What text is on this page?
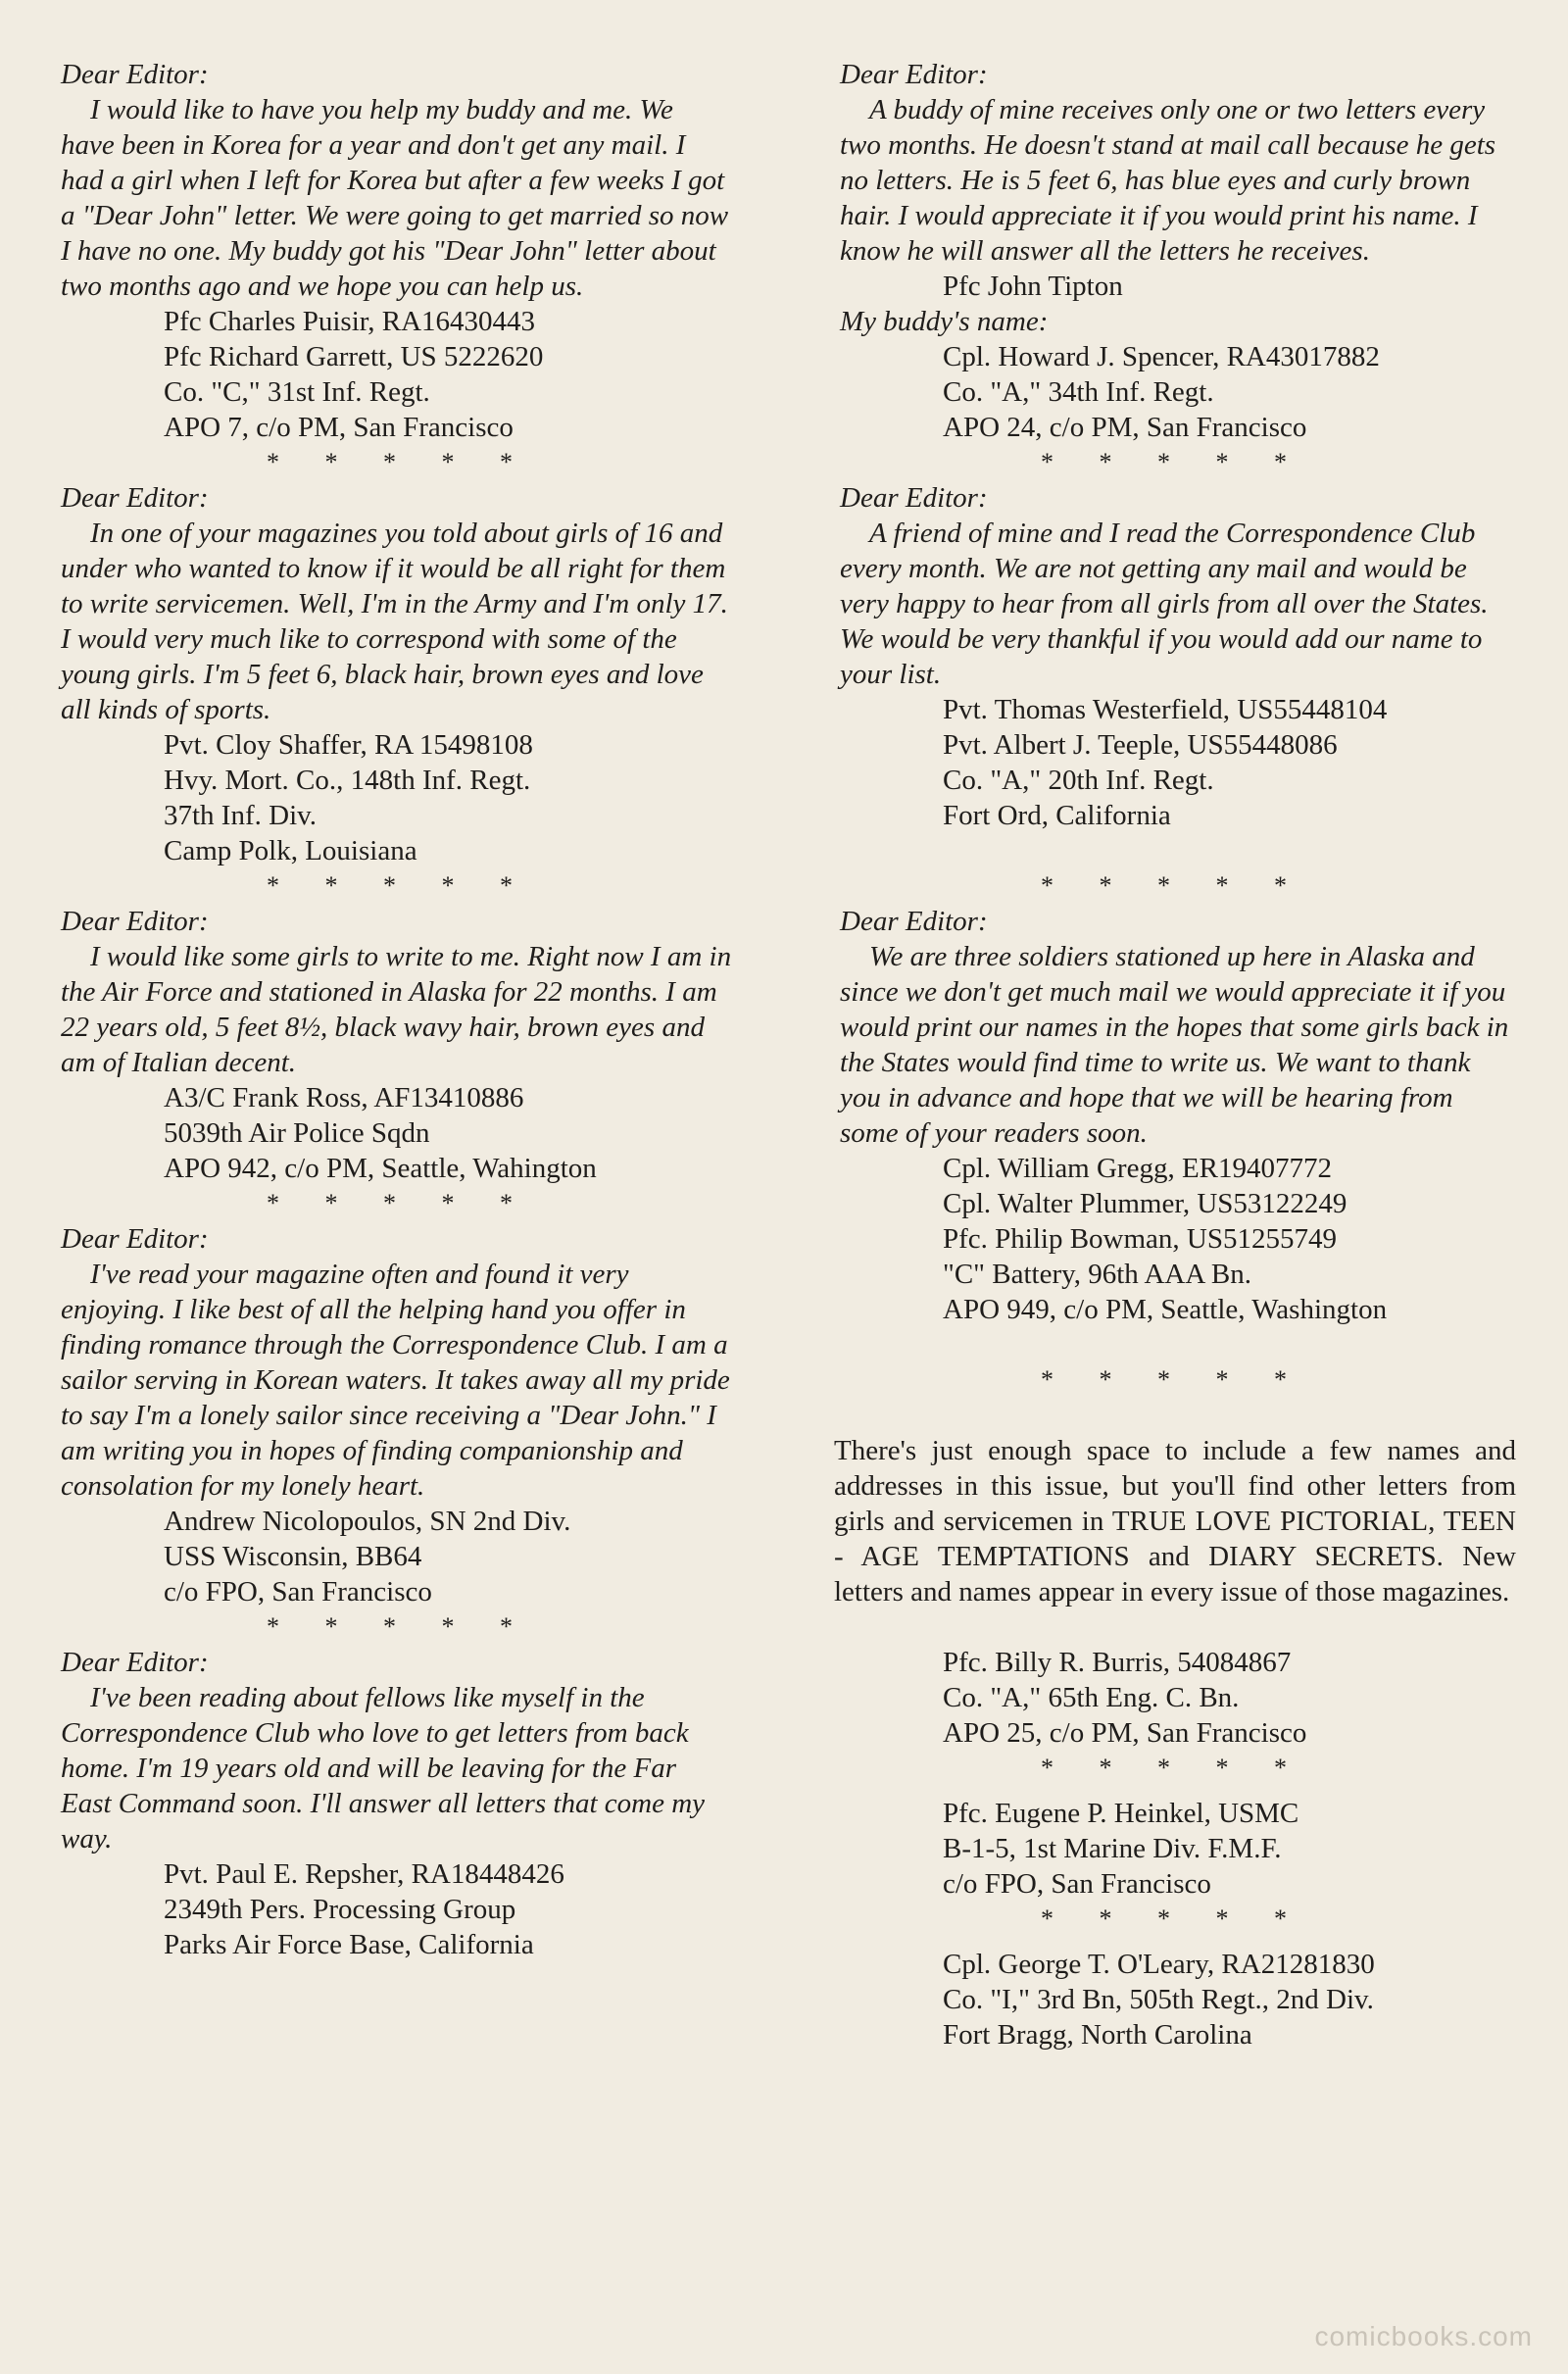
Dear Editor:

I would like to have you help my buddy and me. We have been in Korea for a year and don't get any mail. I had a girl when I left for Korea but after a few weeks I got a "Dear John" letter. We were going to get married so now I have no one. My buddy got his "Dear John" letter about two months ago and we hope you can help us.

Pfc Charles Puisir, RA16430443
Pfc Richard Garrett, US 5222620
Co. "C," 31st Inf. Regt.
APO 7, c/o PM, San Francisco
* * * * *

Dear Editor:

In one of your magazines you told about girls of 16 and under who wanted to know if it would be all right for them to write servicemen. Well, I'm in the Army and I'm only 17. I would very much like to correspond with some of the young girls. I'm 5 feet 6, black hair, brown eyes and love all kinds of sports.

Pvt. Cloy Shaffer, RA 15498108
Hvy. Mort. Co., 148th Inf. Regt.
37th Inf. Div.
Camp Polk, Louisiana
* * * * *

Dear Editor:

I would like some girls to write to me. Right now I am in the Air Force and stationed in Alaska for 22 months. I am 22 years old, 5 feet 8½, black wavy hair, brown eyes and am of Italian decent.

A3/C Frank Ross, AF13410886
5039th Air Police Sqdn
APO 942, c/o PM, Seattle, Wahington
* * * * *

Dear Editor:

I've read your magazine often and found it very enjoying. I like best of all the helping hand you offer in finding romance through the Correspondence Club. I am a sailor serving in Korean waters. It takes away all my pride to say I'm a lonely sailor since receiving a "Dear John." I am writing you in hopes of finding companionship and consolation for my lonely heart.

Andrew Nicolopoulos, SN 2nd Div.
USS Wisconsin, BB64
c/o FPO, San Francisco
* * * * *

Dear Editor:

I've been reading about fellows like myself in the Correspondence Club who love to get letters from back home. I'm 19 years old and will be leaving for the Far East Command soon. I'll answer all letters that come my way.

Pvt. Paul E. Repsher, RA18448426
2349th Pers. Processing Group
Parks Air Force Base, California

Dear Editor:

A buddy of mine receives only one or two letters every two months. He doesn't stand at mail call because he gets no letters. He is 5 feet 6, has blue eyes and curly brown hair. I would appreciate it if you would print his name. I know he will answer all the letters he receives.

Pfc John Tipton

My buddy's name:

Cpl. Howard J. Spencer, RA43017882
Co. "A," 34th Inf. Regt.
APO 24, c/o PM, San Francisco
* * * * *

Dear Editor:

A friend of mine and I read the Correspondence Club every month. We are not getting any mail and would be very happy to hear from all girls from all over the States. We would be very thankful if you would add our name to your list.

Pvt. Thomas Westerfield, US55448104
Pvt. Albert J. Teeple, US55448086
Co. "A," 20th Inf. Regt.
Fort Ord, California
* * * * *

Dear Editor:

We are three soldiers stationed up here in Alaska and since we don't get much mail we would appreciate it if you would print our names in the hopes that some girls back in the States would find time to write us. We want to thank you in advance and hope that we will be hearing from some of your readers soon.

Cpl. William Gregg, ER19407772
Cpl. Walter Plummer, US53122249
Pfc. Philip Bowman, US51255749
"C" Battery, 96th AAA Bn.
APO 949, c/o PM, Seattle, Washington
* * * * *

There's just enough space to include a few names and addresses in this issue, but you'll find other letters from girls and servicemen in TRUE LOVE PICTORIAL, TEEN - AGE TEMPTATIONS and DIARY SECRETS. New letters and names appear in every issue of those magazines.

Pfc. Billy R. Burris, 54084867
Co. "A," 65th Eng. C. Bn.
APO 25, c/o PM, San Francisco
* * * * *
Pfc. Eugene P. Heinkel, USMC
B-1-5, 1st Marine Div. F.M.F.
c/o FPO, San Francisco
* * * * *
Cpl. George T. O'Leary, RA21281830
Co. "I," 3rd Bn, 505th Regt., 2nd Div.
Fort Bragg, North Carolina
comicbooks.com
